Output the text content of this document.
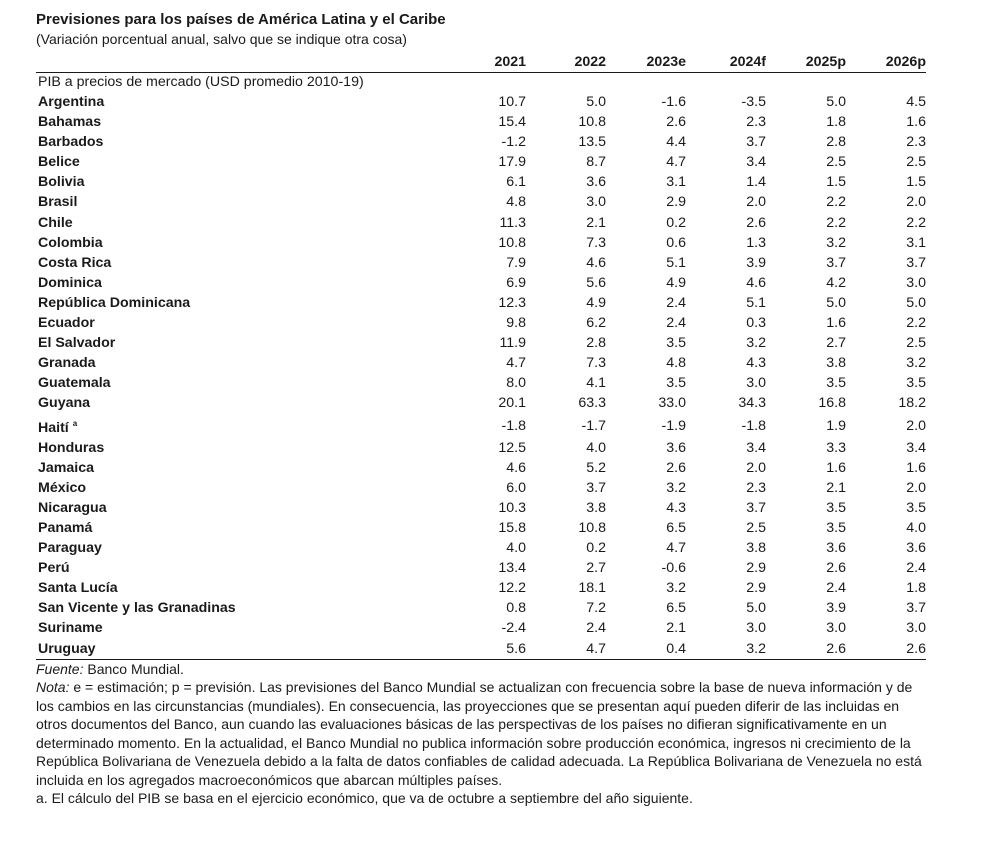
Previsiones para los países de América Latina y el Caribe

(Variación porcentual anual, salvo que se indique otra cosa)

	2021	2022	2023e	2024f	2025p	2026p
PIB a precios de mercado (USD promedio 2010-19)						
Argentina	10.7	5.0	-1.6	-3.5	5.0	4.5
Bahamas	15.4	10.8	2.6	2.3	1.8	1.6
Barbados	-1.2	13.5	4.4	3.7	2.8	2.3
Belice	17.9	8.7	4.7	3.4	2.5	2.5
Bolivia	6.1	3.6	3.1	1.4	1.5	1.5
Brasil	4.8	3.0	2.9	2.0	2.2	2.0
Chile	11.3	2.1	0.2	2.6	2.2	2.2
Colombia	10.8	7.3	0.6	1.3	3.2	3.1
Costa Rica	7.9	4.6	5.1	3.9	3.7	3.7
Dominica	6.9	5.6	4.9	4.6	4.2	3.0
República Dominicana	12.3	4.9	2.4	5.1	5.0	5.0
Ecuador	9.8	6.2	2.4	0.3	1.6	2.2
El Salvador	11.9	2.8	3.5	3.2	2.7	2.5
Granada	4.7	7.3	4.8	4.3	3.8	3.2
Guatemala	8.0	4.1	3.5	3.0	3.5	3.5
Guyana	20.1	63.3	33.0	34.3	16.8	18.2
Haití $^a$	-1.8	-1.7	-1.9	-1.8	1.9	2.0
Honduras	12.5	4.0	3.6	3.4	3.3	3.4
Jamaica	4.6	5.2	2.6	2.0	1.6	1.6
México	6.0	3.7	3.2	2.3	2.1	2.0
Nicaragua	10.3	3.8	4.3	3.7	3.5	3.5
Panamá	15.8	10.8	6.5	2.5	3.5	4.0
Paraguay	4.0	0.2	4.7	3.8	3.6	3.6
Perú	13.4	2.7	-0.6	2.9	2.6	2.4
Santa Lucía	12.2	18.1	3.2	2.9	2.4	1.8
San Vicente y las Granadinas	0.8	7.2	6.5	5.0	3.9	3.7
Suriname	-2.4	2.4	2.1	3.0	3.0	3.0
Uruguay	5.6	4.7	0.4	3.2	2.6	2.6

Fuente: Banco Mundial.

Nota: e = estimación; p = previsión. Las previsiones del Banco Mundial se actualizan con frecuencia sobre la base de nueva información y de los cambios en las circunstancias (mundiales). En consecuencia, las proyecciones que se presentan aquí pueden diferir de las incluidas en otros documentos del Banco, aun cuando las evaluaciones básicas de las perspectivas de los países no difieran significativamente en un determinado momento. En la actualidad, el Banco Mundial no publica información sobre producción económica, ingresos ni crecimiento de la República Bolivariana de Venezuela debido a la falta de datos confiables de calidad adecuada. La República Bolivariana de Venezuela no está incluida en los agregados macroeconómicos que abarcan múltiples países.

a. El cálculo del PIB se basa en el ejercicio económico, que va de octubre a septiembre del año siguiente.
